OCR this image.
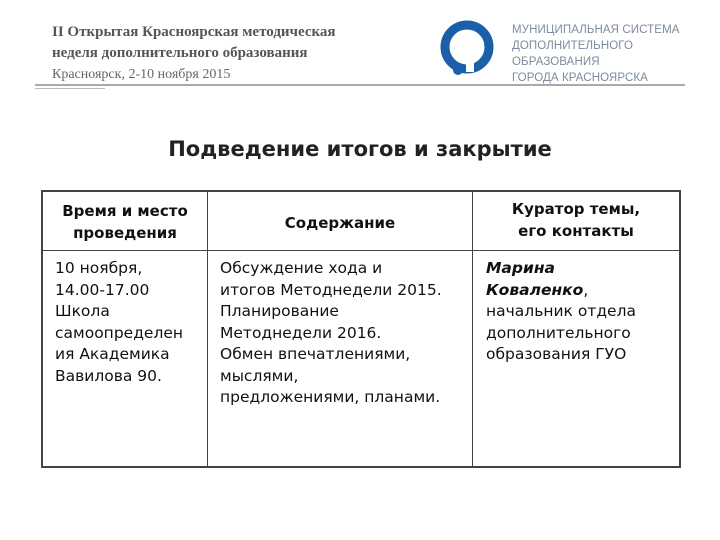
II Открытая Красноярская методическая
неделя дополнительного образования
Красноярск, 2-10 ноября 2015
МУНИЦИПАЛЬНАЯ СИСТЕМА
ДОПОЛНИТЕЛЬНОГО ОБРАЗОВАНИЯ
ГОРОДА КРАСНОЯРСКА
Подведение итогов и закрытие
Время и место
проведения
Содержание
Куратор темы,
его контакты
10 ноября,
14.00-17.00
Школа
самоопределен
ия Академика
Вавилова 90.
Обсуждение хода и
итогов Методнедели 2015.
Планирование
Методнедели 2016.
Обмен впечатлениями,
мыслями,
предложениями, планами.
Марина
Коваленко,
начальник отдела
дополнительного
образования ГУО
